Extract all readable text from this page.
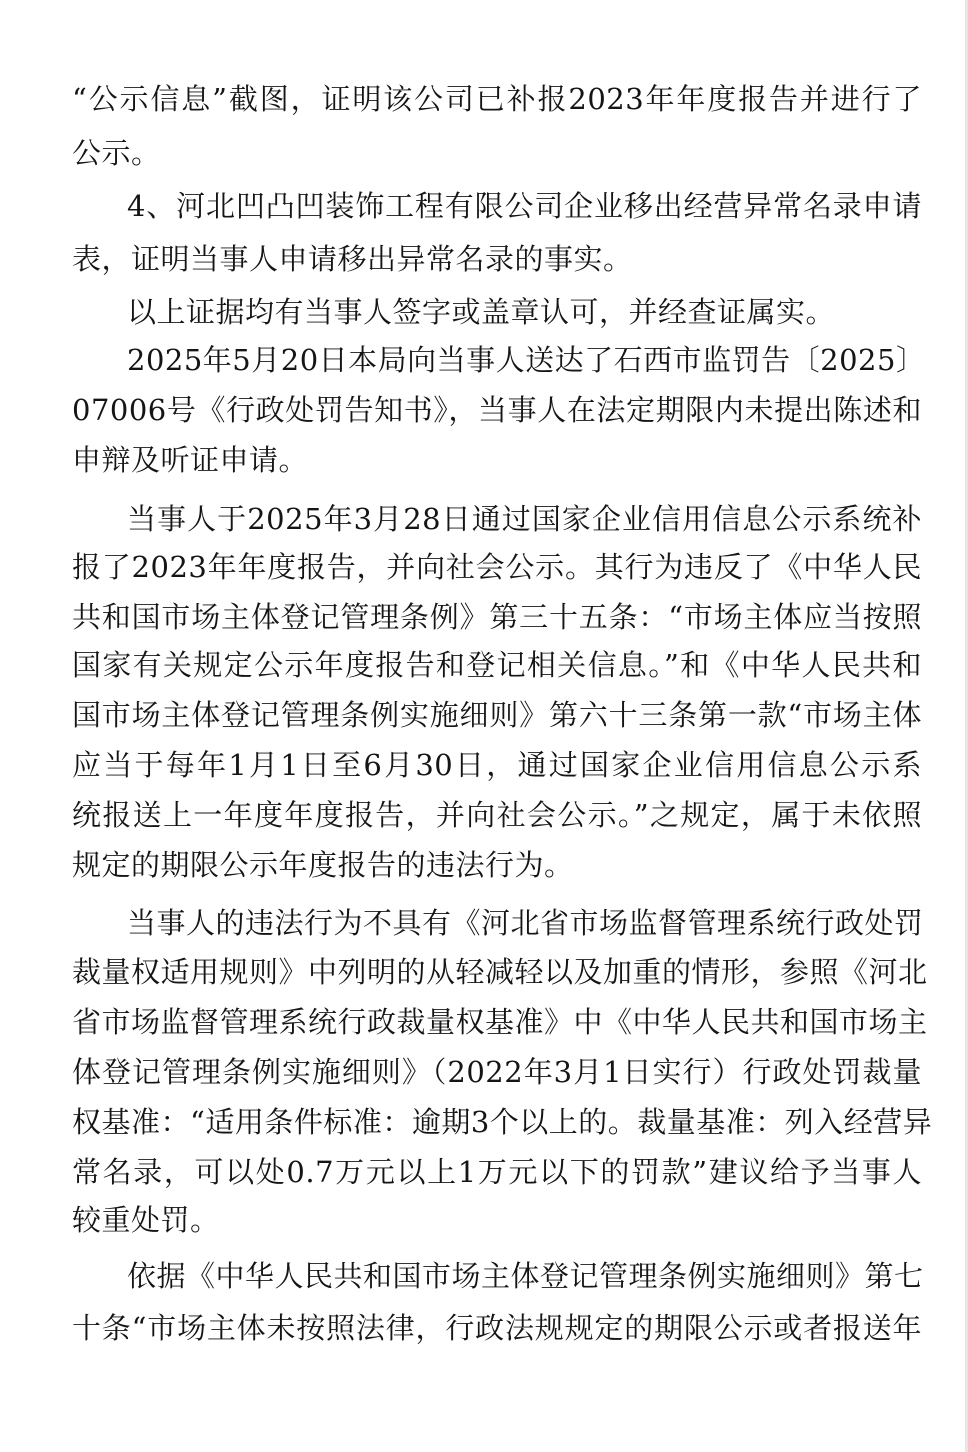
“公示信息”截图，证明该公司已补报2023年年度报告并进行了
公示。
4、河北凹凸凹装饰工程有限公司企业移出经营异常名录申请
表，证明当事人申请移出异常名录的事实。
以上证据均有当事人签字或盖章认可，并经查证属实。
2025年5月20日本局向当事人送达了石西市监罚告〔2025〕
07006号《行政处罚告知书》，当事人在法定期限内未提出陈述和
申辩及听证申请。
当事人于2025年3月28日通过国家企业信用信息公示系统补
报了2023年年度报告，并向社会公示。其行为违反了《中华人民
共和国市场主体登记管理条例》第三十五条：“市场主体应当按照
国家有关规定公示年度报告和登记相关信息。”和《中华人民共和
国市场主体登记管理条例实施细则》第六十三条第一款“市场主体
应当于每年1月1日至6月30日，通过国家企业信用信息公示系
统报送上一年度年度报告，并向社会公示。”之规定，属于未依照
规定的期限公示年度报告的违法行为。
当事人的违法行为不具有《河北省市场监督管理系统行政处罚
裁量权适用规则》中列明的从轻减轻以及加重的情形，参照《河北
省市场监督管理系统行政裁量权基准》中《中华人民共和国市场主
体登记管理条例实施细则》（2022年3月1日实行）行政处罚裁量
权基准：“适用条件标准：逾期3个以上的。裁量基准：列入经营异
常名录，可以处0.7万元以上1万元以下的罚款”建议给予当事人
较重处罚。
依据《中华人民共和国市场主体登记管理条例实施细则》第七
十条“市场主体未按照法律，行政法规规定的期限公示或者报送年
